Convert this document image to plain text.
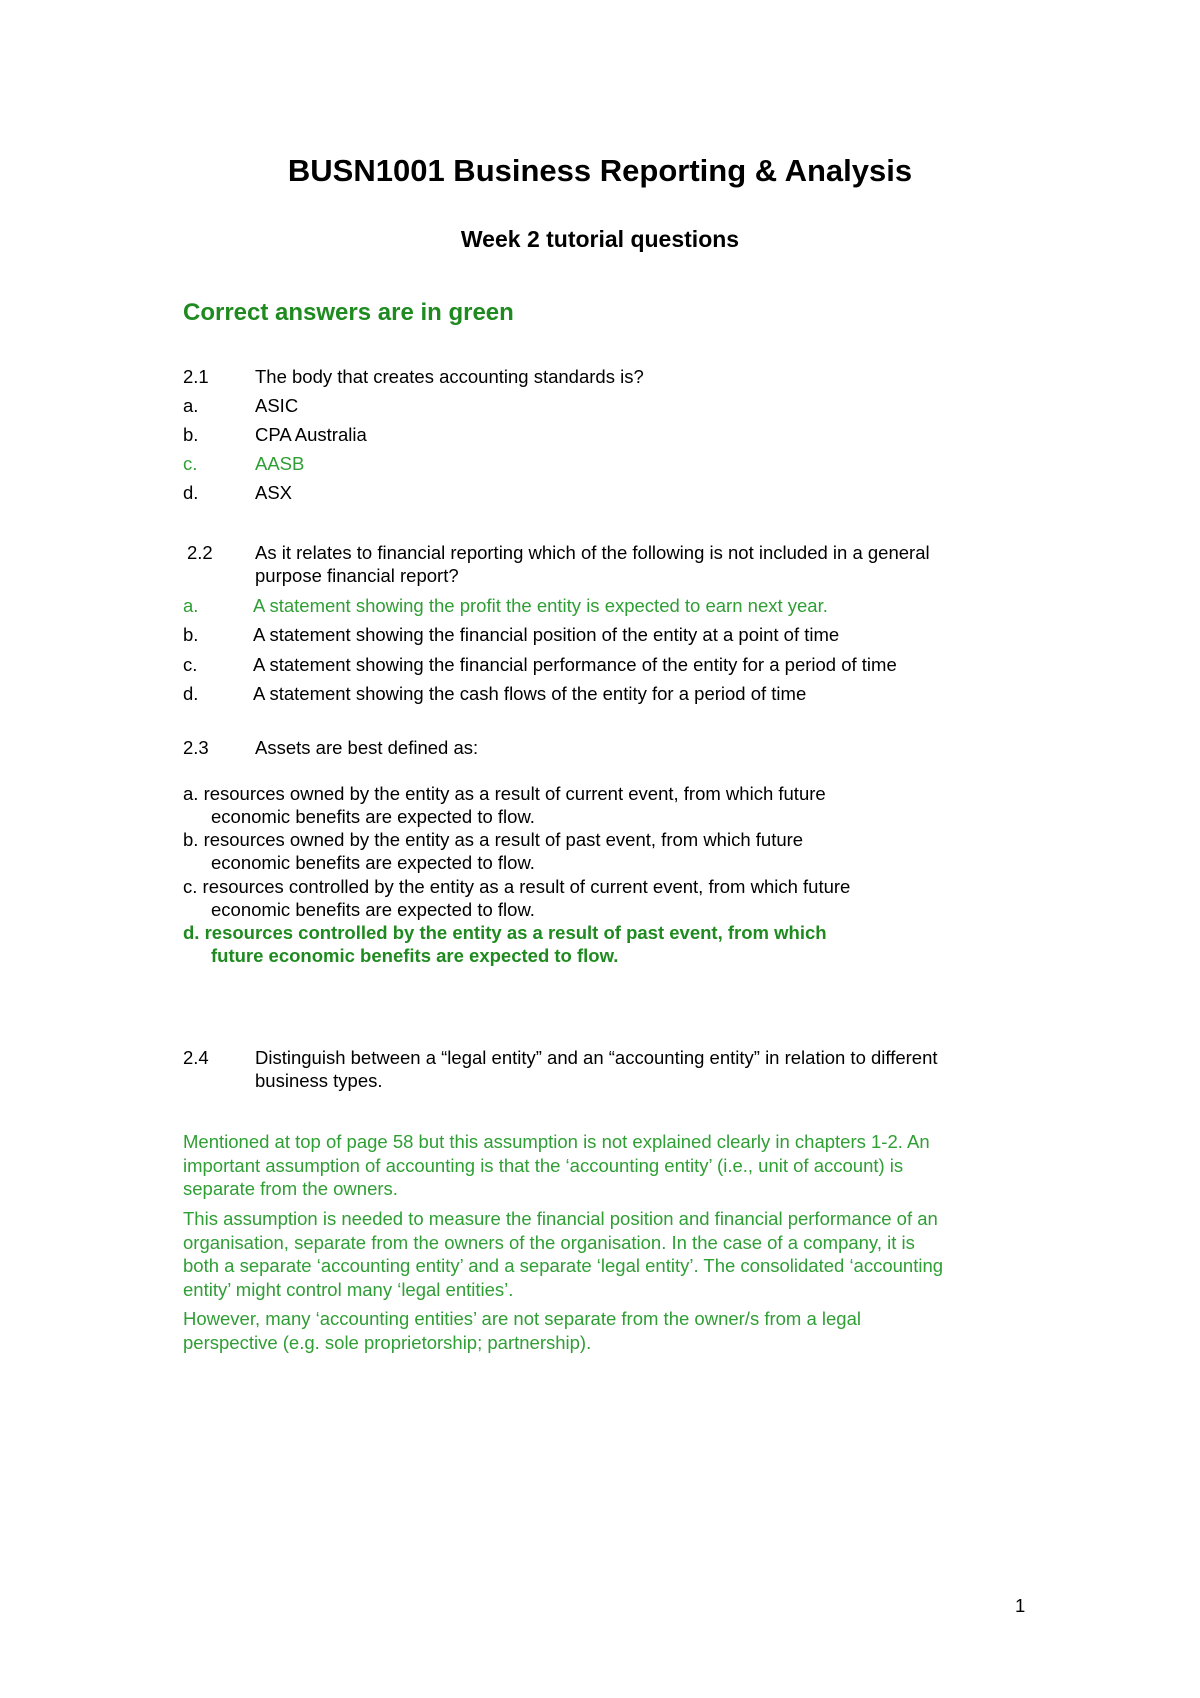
BUSN1001 Business Reporting & Analysis
Week 2 tutorial questions
Correct answers are in green
2.1	The body that creates accounting standards is?
a.	ASIC
b.	CPA Australia
c.	AASB
d.	ASX
2.2 As it relates to financial reporting which of the following is not included in a general
purpose financial report?
a.	A statement showing the profit the entity is expected to earn next year.
b.	A statement showing the financial position of the entity at a point of time
c.	A statement showing the financial performance of the entity for a period of time
d.	A statement showing the cash flows of the entity for a period of time
2.3	Assets are best defined as:
a. resources owned by the entity as a result of current event, from which future
economic benefits are expected to flow.
b. resources owned by the entity as a result of past event, from which future
economic benefits are expected to flow.
c. resources controlled by the entity as a result of current event, from which future
economic benefits are expected to flow.
d. resources controlled by the entity as a result of past event, from which
future economic benefits are expected to flow.
2.4	Distinguish between a “legal entity” and an “accounting entity” in relation to different
business types.
Mentioned at top of page 58 but this assumption is not explained clearly in chapters 1-2. An
important assumption of accounting is that the ‘accounting entity’ (i.e., unit of account) is
separate from the owners.
This assumption is needed to measure the financial position and financial performance of an
organisation, separate from the owners of the organisation. In the case of a company, it is
both a separate ‘accounting entity’ and a separate ‘legal entity’. The consolidated ‘accounting
entity’ might control many ‘legal entities’.
However, many ‘accounting entities’ are not separate from the owner/s from a legal
perspective (e.g. sole proprietorship; partnership).
1
